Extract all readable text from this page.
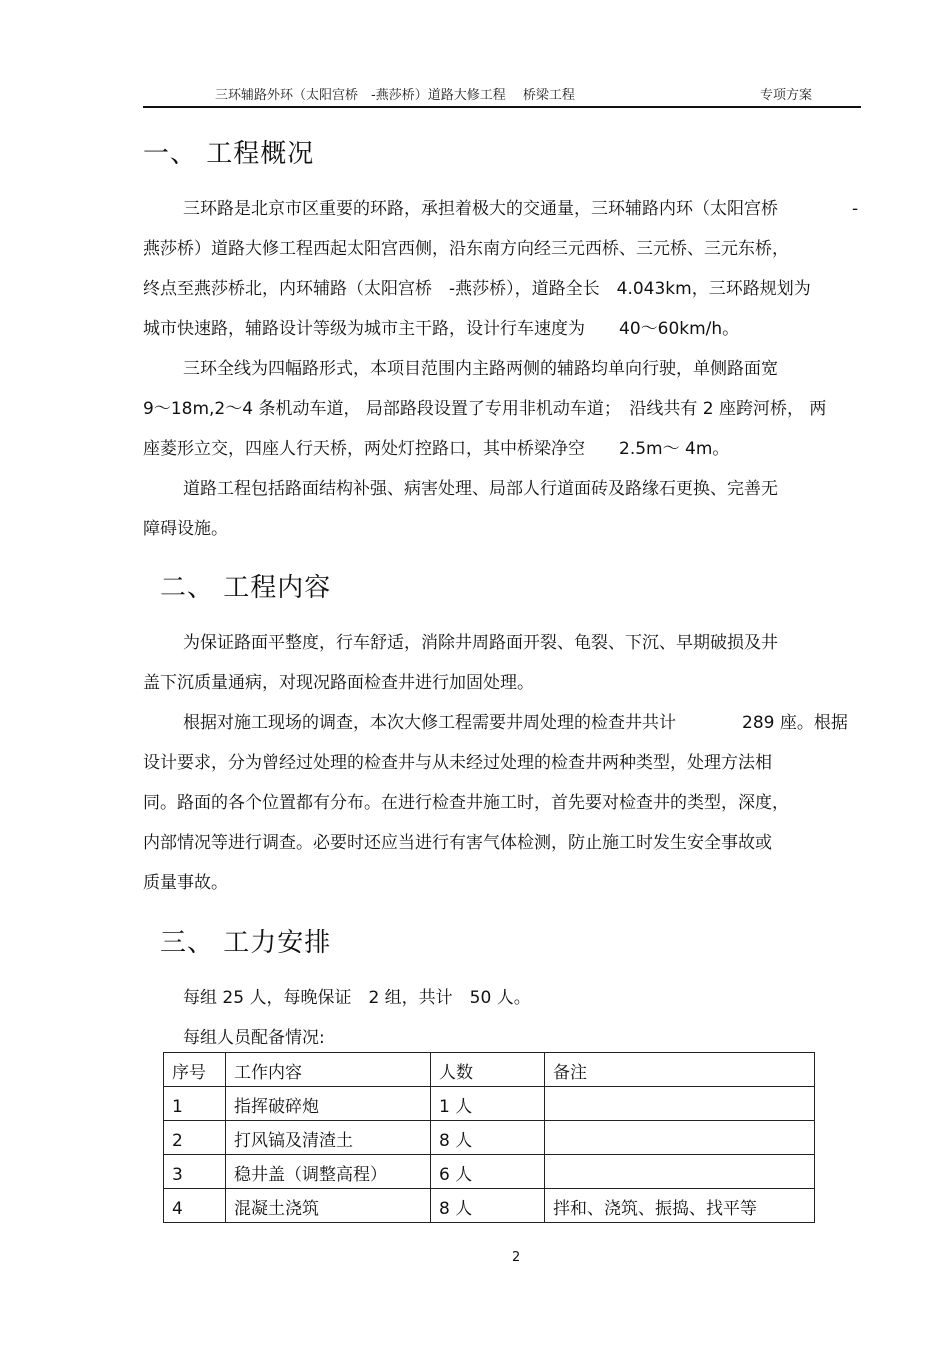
三环辅路外环（太阳宫桥　-燕莎桥）道路大修工程　 桥梁工程	专项方案
一、 工程概况
三环路是北京市区重要的环路，承担着极大的交通量，三环辅路内环（太阳宫桥	-
燕莎桥）道路大修工程西起太阳宫西侧，沿东南方向经三元西桥、三元桥、三元东桥，
终点至燕莎桥北，内环辅路（太阳宫桥　-燕莎桥），道路全长　4.043km，三环路规划为
城市快速路，辅路设计等级为城市主干路，设计行车速度为　　40～60km/h。
三环全线为四幅路形式，本项目范围内主路两侧的辅路均单向行驶，单侧路面宽
9～18m,2～4 条机动车道， 局部路段设置了专用非机动车道；　沿线共有 2 座跨河桥， 两
座菱形立交，四座人行天桥，两处灯控路口，其中桥梁净空　　2.5m～ 4m。
道路工程包括路面结构补强、病害处理、局部人行道面砖及路缘石更换、完善无
障碍设施。
二、 工程内容
为保证路面平整度，行车舒适，消除井周路面开裂、龟裂、下沉、早期破损及井
盖下沉质量通病，对现况路面检查井进行加固处理。
根据对施工现场的调查，本次大修工程需要井周处理的检查井共计	289 座。根据
设计要求，分为曾经过处理的检查井与从未经过处理的检查井两种类型，处理方法相
同。路面的各个位置都有分布。在进行检查井施工时，首先要对检查井的类型，深度，
内部情况等进行调查。必要时还应当进行有害气体检测，防止施工时发生安全事故或
质量事故。
三、 工力安排
每组 25 人，每晚保证　2 组，共计　50 人。
每组人员配备情况:
序号	工作内容	人数	备注
1	指挥破碎炮	1 人	
2	打风镐及清渣土	8 人	
3	稳井盖（调整高程）	6 人	
4	混凝土浇筑	8 人	拌和、浇筑、振捣、找平等
2
